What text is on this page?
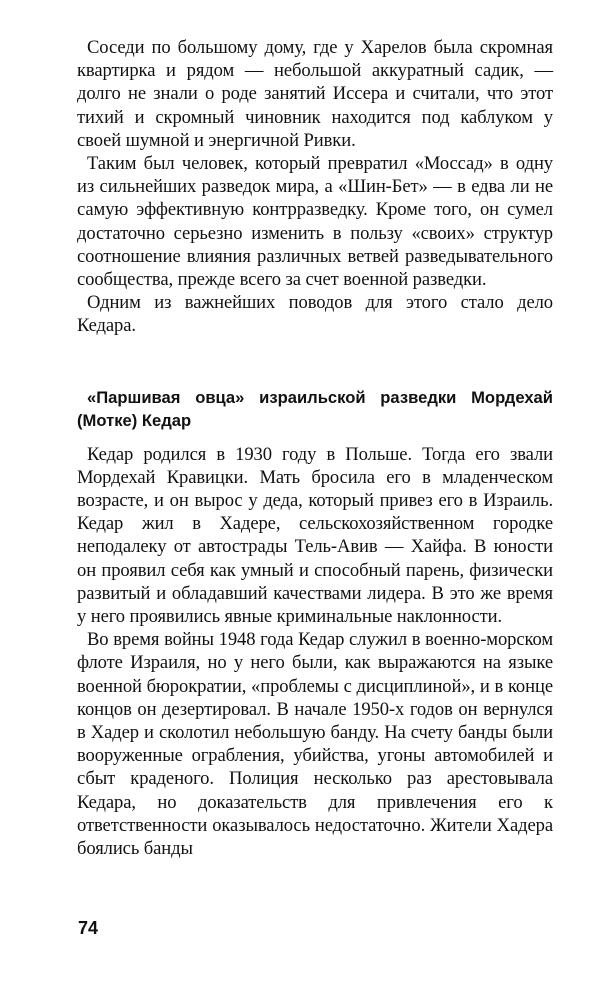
Соседи по большому дому, где у Харелов была скромная квартирка и рядом — небольшой аккуратный садик, — долго не знали о роде занятий Иссера и считали, что этот тихий и скромный чиновник находится под каблуком у своей шумной и энергичной Ривки.

Таким был человек, который превратил «Моссад» в одну из сильнейших разведок мира, а «Шин-Бет» — в едва ли не самую эффективную контрразведку. Кроме того, он сумел достаточно серьезно изменить в пользу «своих» структур соотношение влияния различных ветвей разведывательного сообщества, прежде всего за счет военной разведки.

Одним из важнейших поводов для этого стало дело Кедара.

«Паршивая овца» израильской разведки Мордехай (Мотке) Кедар

Кедар родился в 1930 году в Польше. Тогда его звали Мордехай Кравицки. Мать бросила его в младенческом возрасте, и он вырос у деда, который привез его в Израиль. Кедар жил в Хадере, сельскохозяйственном городке неподалеку от автострады Тель-Авив — Хайфа. В юности он проявил себя как умный и способный парень, физически развитый и обладавший качествами лидера. В это же время у него проявились явные криминальные наклонности.

Во время войны 1948 года Кедар служил в военно-морском флоте Израиля, но у него были, как выражаются на языке военной бюрократии, «проблемы с дисциплиной», и в конце концов он дезертировал. В начале 1950-х годов он вернулся в Хадер и сколотил небольшую банду. На счету банды были вооруженные ограбления, убийства, угоны автомобилей и сбыт краденого. Полиция несколько раз арестовывала Кедара, но доказательств для привлечения его к ответственности оказывалось недостаточно. Жители Хадера боялись банды

74
